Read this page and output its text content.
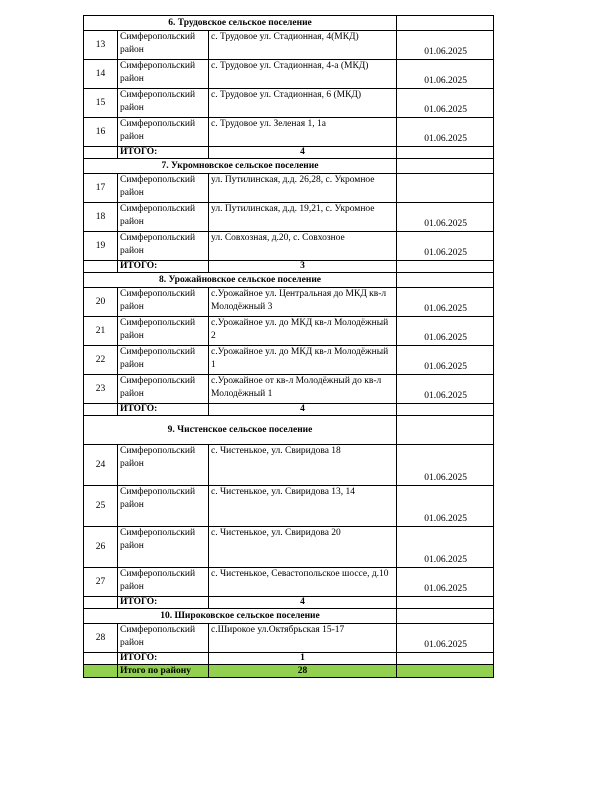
6. Трудовское сельское поселение			
13	Симферопольский район	с. Трудовое ул. Стадионная, 4(МКД)	01.06.2025
14	Симферопольский район	с. Трудовое ул. Стадионная, 4-а (МКД)	01.06.2025
15	Симферопольский район	с. Трудовое ул. Стадионная, 6 (МКД)	01.06.2025
16	Симферопольский район	с. Трудовое ул. Зеленая 1, 1а	01.06.2025
	ИТОГО:	4	
7. Укромновское сельское поселение			
17	Симферопольский район	ул. Путилинская, д.д. 26,28, с. Укромное	
18	Симферопольский район	ул. Путилинская, д.д. 19,21, с. Укромное	01.06.2025
19	Симферопольский район	ул. Совхозная, д.20, с. Совхозное	01.06.2025
	ИТОГО:	3	
8. Урожайновское сельское поселение			
20	Симферопольский район	с.Урожайное ул. Центральная до МКД кв-л Молодёжный 3	01.06.2025
21	Симферопольский район	с.Урожайное ул. до МКД кв-л Молодёжный 2	01.06.2025
22	Симферопольский район	с.Урожайное ул. до МКД кв-л Молодёжный 1	01.06.2025
23	Симферопольский район	с.Урожайное от кв-л Молодёжный до кв-л Молодёжный 1	01.06.2025
	ИТОГО:	4	
9. Чистенское сельское поселение			
24	Симферопольский район	с. Чистенькое, ул. Свиридова 18	01.06.2025
25	Симферопольский район	с. Чистенькое, ул. Свиридова 13, 14	01.06.2025
26	Симферопольский район	с. Чистенькое, ул. Свиридова 20	01.06.2025
27	Симферопольский район	с. Чистенькое, Севастопольское шоссе, д.10	01.06.2025
	ИТОГО:	4	
10. Широковское сельское поселение			
28	Симферопольский район	с.Широкое ул.Октябрьская 15-17	01.06.2025
	ИТОГО:	1	
	Итого по району	28	
